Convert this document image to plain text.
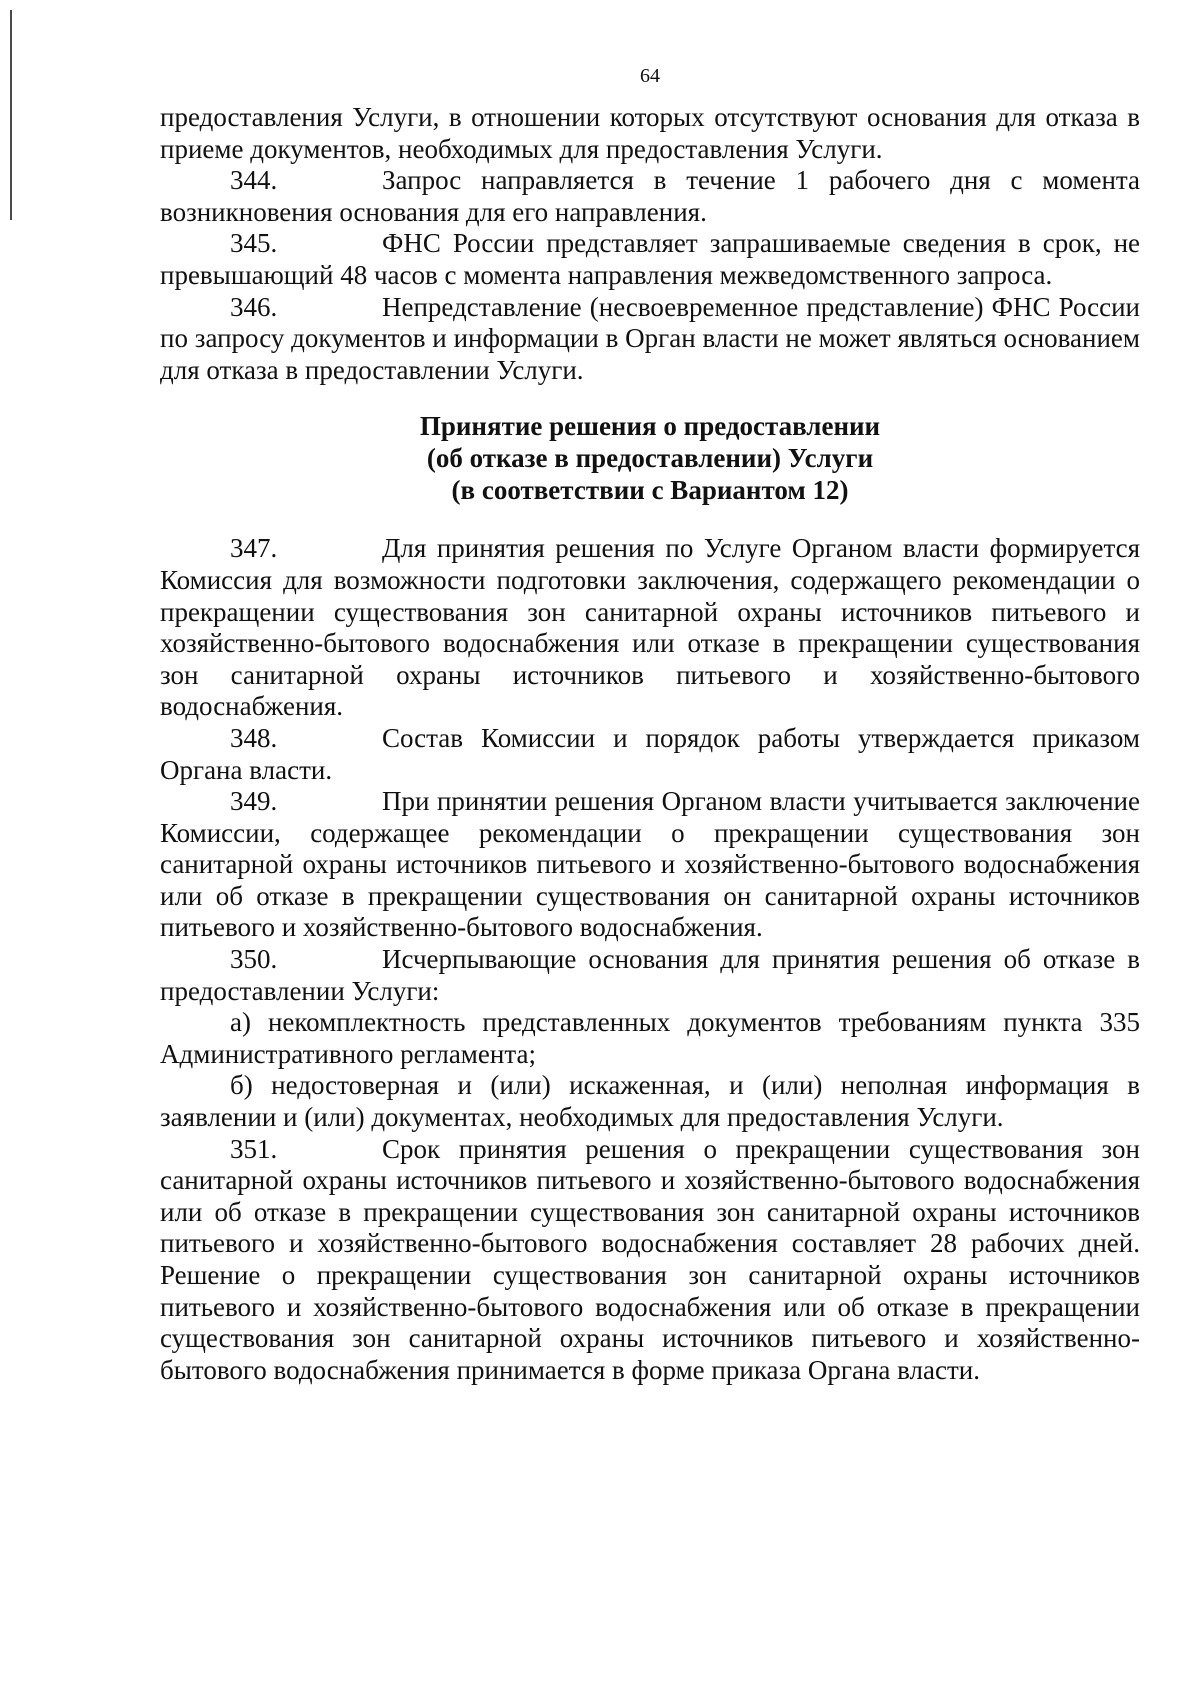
64

предоставления Услуги, в отношении которых отсутствуют основания для отказа в приеме документов, необходимых для предоставления Услуги.

344.	Запрос направляется в течение 1 рабочего дня с момента возникновения основания для его направления.

345.	ФНС России представляет запрашиваемые сведения в срок, не превышающий 48 часов с момента направления межведомственного запроса.

346.	Непредставление (несвоевременное представление) ФНС России по запросу документов и информации в Орган власти не может являться основанием для отказа в предоставлении Услуги.

Принятие решения о предоставлении
(об отказе в предоставлении) Услуги
(в соответствии с Вариантом 12)

347.	Для принятия решения по Услуге Органом власти формируется Комиссия для возможности подготовки заключения, содержащего рекомендации о прекращении существования зон санитарной охраны источников питьевого и хозяйственно-бытового водоснабжения или отказе в прекращении существования зон санитарной охраны источников питьевого и хозяйственно-бытового водоснабжения.

348.	Состав Комиссии и порядок работы утверждается приказом Органа власти.

349.	При принятии решения Органом власти учитывается заключение Комиссии, содержащее рекомендации о прекращении существования зон санитарной охраны источников питьевого и хозяйственно-бытового водоснабжения или об отказе в прекращении существования он санитарной охраны источников питьевого и хозяйственно-бытового водоснабжения.

350.	Исчерпывающие основания для принятия решения об отказе в предоставлении Услуги:

а) некомплектность представленных документов требованиям пункта 335 Административного регламента;

б) недостоверная и (или) искаженная, и (или) неполная информация в заявлении и (или) документах, необходимых для предоставления Услуги.

351.	Срок принятия решения о прекращении существования зон санитарной охраны источников питьевого и хозяйственно-бытового водоснабжения или об отказе в прекращении существования зон санитарной охраны источников питьевого и хозяйственно-бытового водоснабжения составляет 28 рабочих дней. Решение о прекращении существования зон санитарной охраны источников питьевого и хозяйственно-бытового водоснабжения или об отказе в прекращении существования зон санитарной охраны источников питьевого и хозяйственно-бытового водоснабжения принимается в форме приказа Органа власти.
